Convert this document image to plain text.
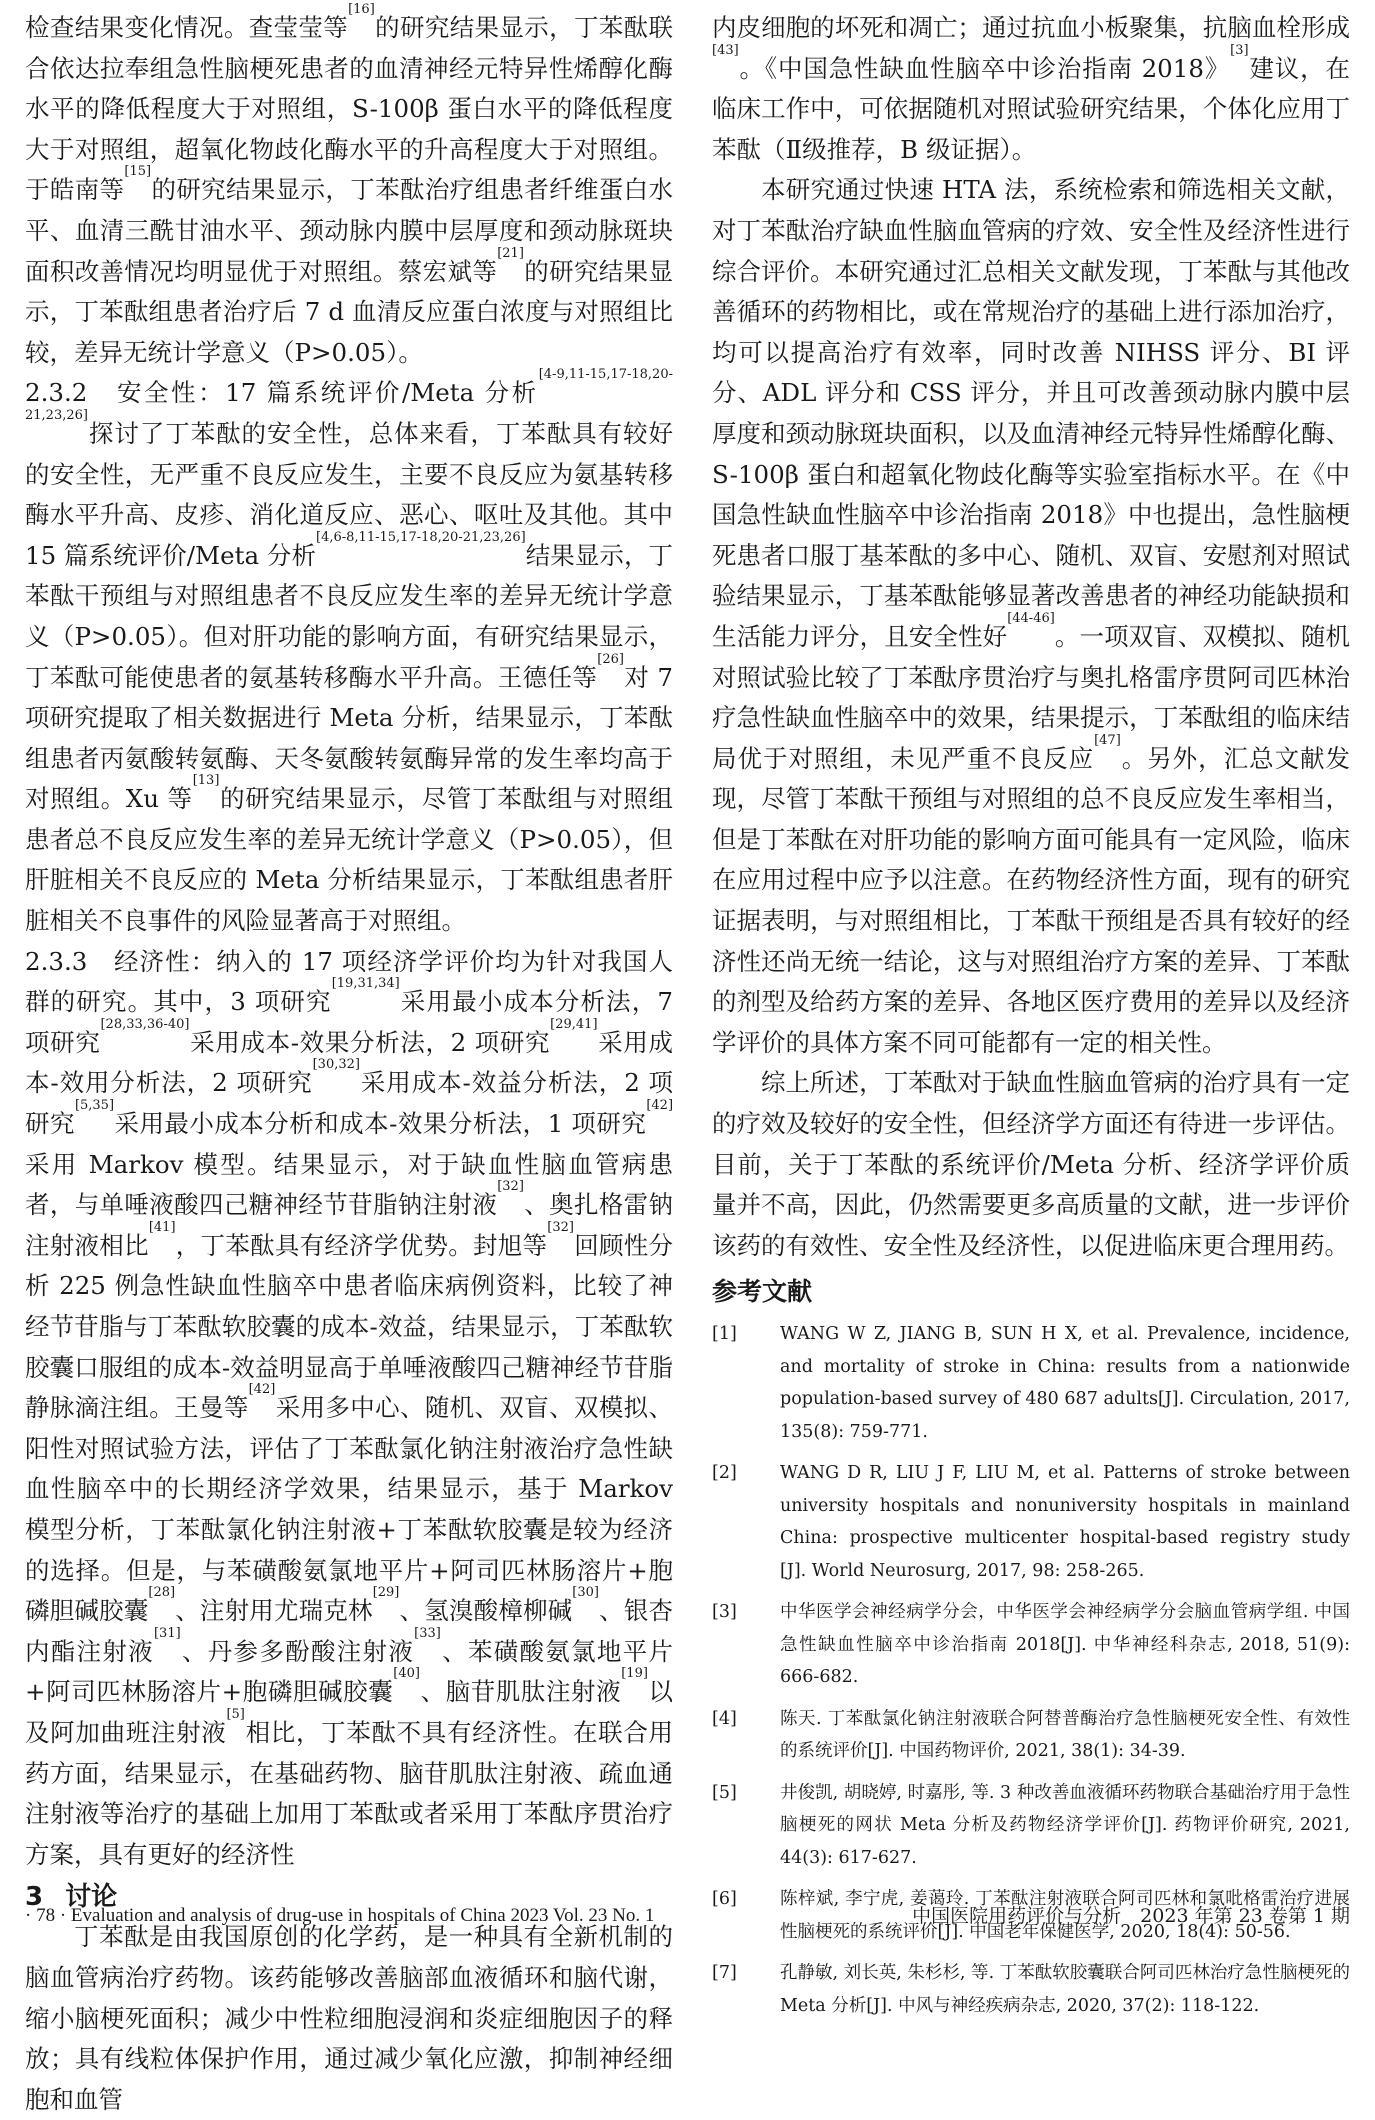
检查结果变化情况。查莹莹等[16]的研究结果显示，丁苯酞联合依达拉奉组急性脑梗死患者的血清神经元特异性烯醇化酶水平的降低程度大于对照组，S-100β 蛋白水平的降低程度大于对照组，超氧化物歧化酶水平的升高程度大于对照组。于皓南等[15]的研究结果显示，丁苯酞治疗组患者纤维蛋白水平、血清三酰甘油水平、颈动脉内膜中层厚度和颈动脉斑块面积改善情况均明显优于对照组。蔡宏斌等[21]的研究结果显示，丁苯酞组患者治疗后 7 d 血清反应蛋白浓度与对照组比较，差异无统计学意义（P>0.05）。

2.3.2　安全性：17 篇系统评价/Meta 分析[4-9,11-15,17-18,20-21,23,26]探讨了丁苯酞的安全性，总体来看，丁苯酞具有较好的安全性，无严重不良反应发生，主要不良反应为氨基转移酶水平升高、皮疹、消化道反应、恶心、呕吐及其他。其中 15 篇系统评价/Meta 分析[4,6-8,11-15,17-18,20-21,23,26]结果显示，丁苯酞干预组与对照组患者不良反应发生率的差异无统计学意义（P>0.05）。但对肝功能的影响方面，有研究结果显示，丁苯酞可能使患者的氨基转移酶水平升高。王德任等[26]对 7 项研究提取了相关数据进行 Meta 分析，结果显示，丁苯酞组患者丙氨酸转氨酶、天冬氨酸转氨酶异常的发生率均高于对照组。Xu 等[13]的研究结果显示，尽管丁苯酞组与对照组患者总不良反应发生率的差异无统计学意义（P>0.05），但肝脏相关不良反应的 Meta 分析结果显示，丁苯酞组患者肝脏相关不良事件的风险显著高于对照组。

2.3.3　经济性：纳入的 17 项经济学评价均为针对我国人群的研究。其中，3 项研究[19,31,34]采用最小成本分析法，7 项研究[28,33,36-40]采用成本-效果分析法，2 项研究[29,41]采用成本-效用分析法，2 项研究[30,32]采用成本-效益分析法，2 项研究[5,35]采用最小成本分析和成本-效果分析法，1 项研究[42]采用 Markov 模型。结果显示，对于缺血性脑血管病患者，与单唾液酸四己糖神经节苷脂钠注射液[32]、奥扎格雷钠注射液相比[41]，丁苯酞具有经济学优势。封旭等[32]回顾性分析 225 例急性缺血性脑卒中患者临床病例资料，比较了神经节苷脂与丁苯酞软胶囊的成本-效益，结果显示，丁苯酞软胶囊口服组的成本-效益明显高于单唾液酸四己糖神经节苷脂静脉滴注组。王曼等[42]采用多中心、随机、双盲、双模拟、阳性对照试验方法，评估了丁苯酞氯化钠注射液治疗急性缺血性脑卒中的长期经济学效果，结果显示，基于 Markov 模型分析，丁苯酞氯化钠注射液+丁苯酞软胶囊是较为经济的选择。但是，与苯磺酸氨氯地平片+阿司匹林肠溶片+胞磷胆碱胶囊[28]、注射用尤瑞克林[29]、氢溴酸樟柳碱[30]、银杏内酯注射液[31]、丹参多酚酸注射液[33]、苯磺酸氨氯地平片+阿司匹林肠溶片+胞磷胆碱胶囊[40]、脑苷肌肽注射液[19]以及阿加曲班注射液[5]相比，丁苯酞不具有经济性。在联合用药方面，结果显示，在基础药物、脑苷肌肽注射液、疏血通注射液等治疗的基础上加用丁苯酞或者采用丁苯酞序贯治疗方案，具有更好的经济性

3 讨论

丁苯酞是由我国原创的化学药，是一种具有全新机制的脑血管病治疗药物。该药能够改善脑部血液循环和脑代谢，缩小脑梗死面积；减少中性粒细胞浸润和炎症细胞因子的释放；具有线粒体保护作用，通过减少氧化应激，抑制神经细胞和血管

内皮细胞的坏死和凋亡；通过抗血小板聚集，抗脑血栓形成[43]。《中国急性缺血性脑卒中诊治指南 2018》[3]建议，在临床工作中，可依据随机对照试验研究结果，个体化应用丁苯酞（Ⅱ级推荐，B 级证据）。

本研究通过快速 HTA 法，系统检索和筛选相关文献，对丁苯酞治疗缺血性脑血管病的疗效、安全性及经济性进行综合评价。本研究通过汇总相关文献发现，丁苯酞与其他改善循环的药物相比，或在常规治疗的基础上进行添加治疗，均可以提高治疗有效率，同时改善 NIHSS 评分、BI 评分、ADL 评分和 CSS 评分，并且可改善颈动脉内膜中层厚度和颈动脉斑块面积，以及血清神经元特异性烯醇化酶、S-100β 蛋白和超氧化物歧化酶等实验室指标水平。在《中国急性缺血性脑卒中诊治指南 2018》中也提出，急性脑梗死患者口服丁基苯酞的多中心、随机、双盲、安慰剂对照试验结果显示，丁基苯酞能够显著改善患者的神经功能缺损和生活能力评分，且安全性好[44-46]。一项双盲、双模拟、随机对照试验比较了丁苯酞序贯治疗与奥扎格雷序贯阿司匹林治疗急性缺血性脑卒中的效果，结果提示，丁苯酞组的临床结局优于对照组，未见严重不良反应[47]。另外，汇总文献发现，尽管丁苯酞干预组与对照组的总不良反应发生率相当，但是丁苯酞在对肝功能的影响方面可能具有一定风险，临床在应用过程中应予以注意。在药物经济性方面，现有的研究证据表明，与对照组相比，丁苯酞干预组是否具有较好的经济性还尚无统一结论，这与对照组治疗方案的差异、丁苯酞的剂型及给药方案的差异、各地区医疗费用的差异以及经济学评价的具体方案不同可能都有一定的相关性。

综上所述，丁苯酞对于缺血性脑血管病的治疗具有一定的疗效及较好的安全性，但经济学方面还有待进一步评估。目前，关于丁苯酞的系统评价/Meta 分析、经济学评价质量并不高，因此，仍然需要更多高质量的文献，进一步评价该药的有效性、安全性及经济性，以促进临床更合理用药。

参考文献
[1] WANG W Z, JIANG B, SUN H X, et al. Prevalence, incidence, and mortality of stroke in China: results from a nationwide population-based survey of 480 687 adults[J]. Circulation, 2017, 135(8): 759-771.
[2] WANG D R, LIU J F, LIU M, et al. Patterns of stroke between university hospitals and nonuniversity hospitals in mainland China: prospective multicenter hospital-based registry study [J]. World Neurosurg, 2017, 98: 258-265.
[3] 中华医学会神经病学分会，中华医学会神经病学分会脑血管病学组. 中国急性缺血性脑卒中诊治指南 2018[J]. 中华神经科杂志, 2018, 51(9): 666-682.
[4] 陈天. 丁苯酞氯化钠注射液联合阿替普酶治疗急性脑梗死安全性、有效性的系统评价[J]. 中国药物评价, 2021, 38(1): 34-39.
[5] 井俊凯, 胡晓婷, 时嘉彤, 等. 3 种改善血液循环药物联合基础治疗用于急性脑梗死的网状 Meta 分析及药物经济学评价[J]. 药物评价研究, 2021, 44(3): 617-627.
[6] 陈梓斌, 李宁虎, 姜蔼玲. 丁苯酞注射液联合阿司匹林和氯吡格雷治疗进展性脑梗死的系统评价[J]. 中国老年保健医学, 2020, 18(4): 50-56.
[7] 孔静敏, 刘长英, 朱杉杉, 等. 丁苯酞软胶囊联合阿司匹林治疗急性脑梗死的 Meta 分析[J]. 中风与神经疾病杂志, 2020, 37(2): 118-122.
· 78 · Evaluation and analysis of drug-use in hospitals of China 2023 Vol. 23 No. 1	中国医院用药评价与分析　2023 年第 23 卷第 1 期
